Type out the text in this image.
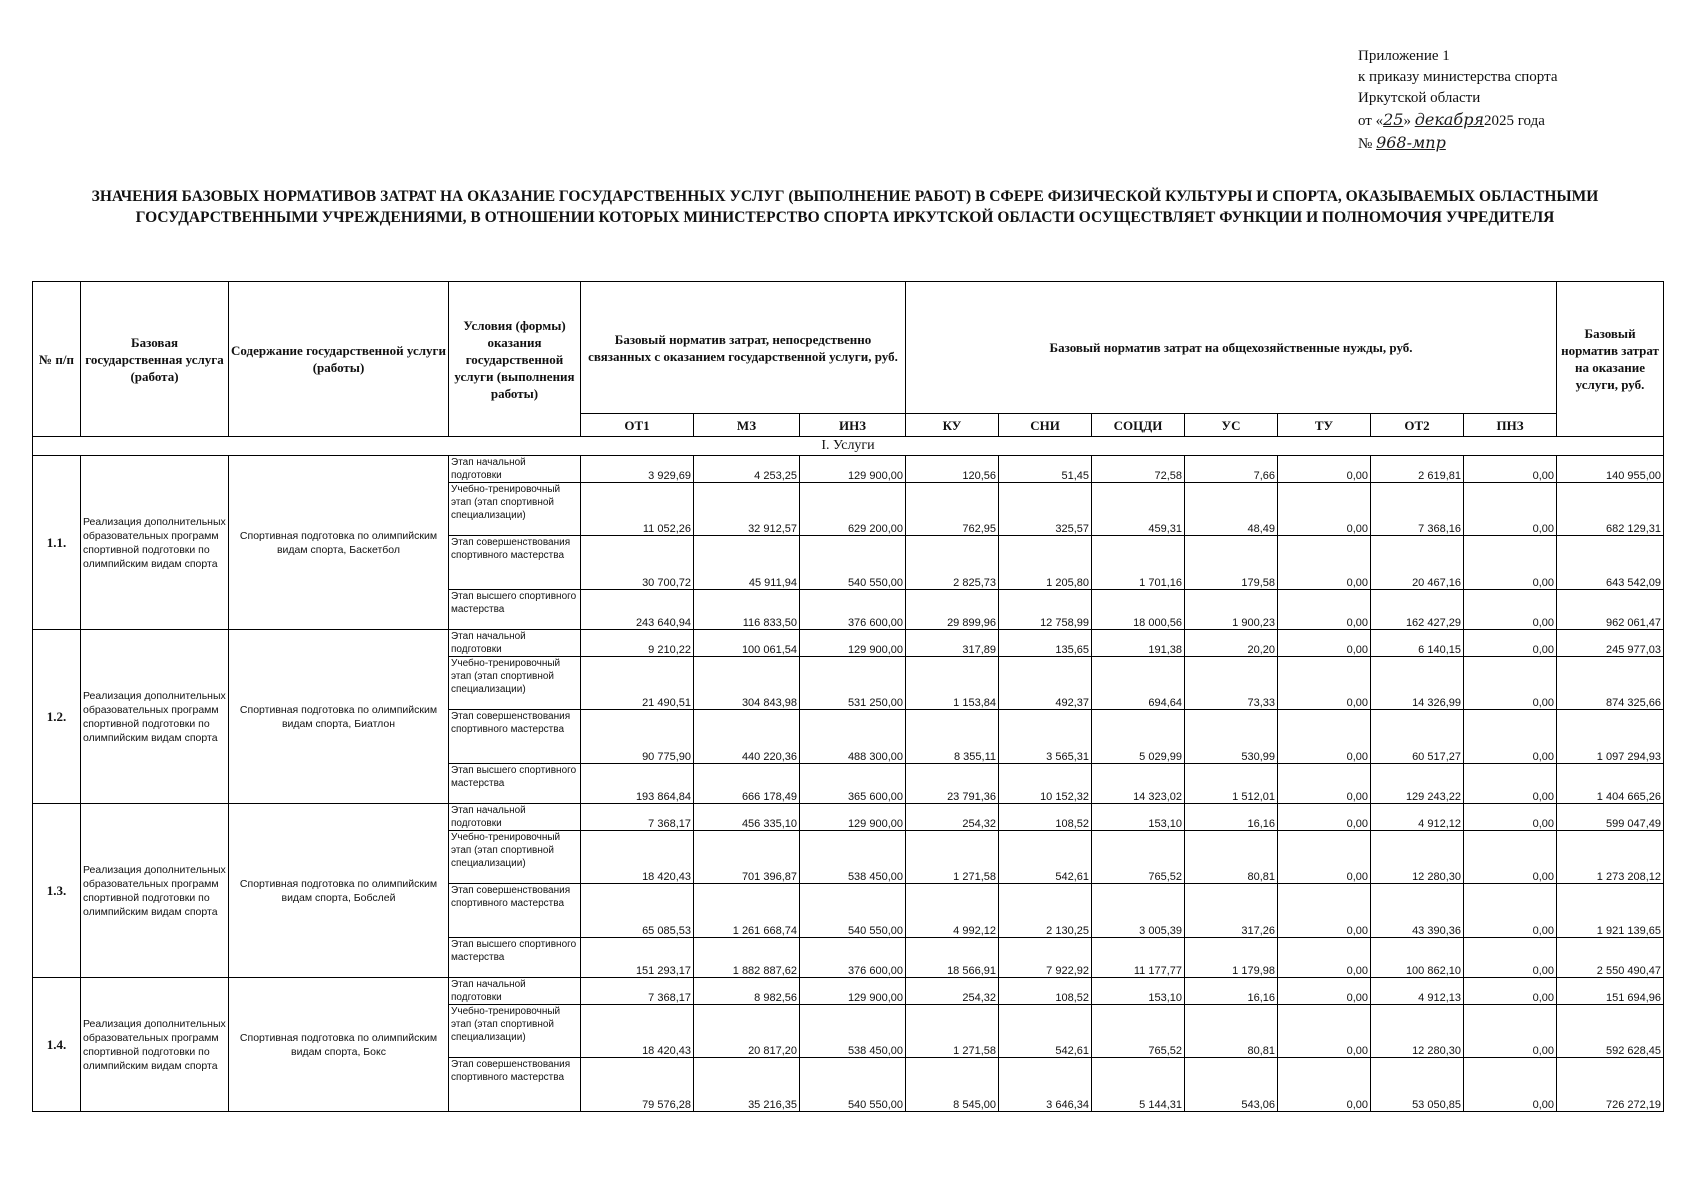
Приложение 1
к приказу министерства спорта
Иркутской области
от «25» декабря2025 года
№ 968-мпр
ЗНАЧЕНИЯ БАЗОВЫХ НОРМАТИВОВ ЗАТРАТ НА ОКАЗАНИЕ ГОСУДАРСТВЕННЫХ УСЛУГ (ВЫПОЛНЕНИЕ РАБОТ) В СФЕРЕ ФИЗИЧЕСКОЙ КУЛЬТУРЫ И СПОРТА, ОКАЗЫВАЕМЫХ ОБЛАСТНЫМИ ГОСУДАРСТВЕННЫМИ УЧРЕЖДЕНИЯМИ, В ОТНОШЕНИИ КОТОРЫХ МИНИСТЕРСТВО СПОРТА ИРКУТСКОЙ ОБЛАСТИ ОСУЩЕСТВЛЯЕТ ФУНКЦИИ И ПОЛНОМОЧИЯ УЧРЕДИТЕЛЯ
№ п/п	Базовая государственная услуга (работа)	Содержание государственной услуги (работы)	Условия (формы) оказания государственной услуги (выполнения работы)	Базовый норматив затрат, непосредственно связанных с оказанием государственной услуги, руб.			Базовый норматив затрат на общехозяйственные нужды, руб.							Базовый норматив затрат на оказание услуги, руб.
				ОТ1	МЗ	ИНЗ	КУ	СНИ	СОЦДИ	УС	ТУ	ОТ2	ПНЗ	
I. Услуги														
1.1.	Реализация дополнительных образовательных программ спортивной подготовки по олимпийским видам спорта	Спортивная подготовка по олимпийским видам спорта, Баскетбол	Этап начальной подготовки	3 929,69	4 253,25	129 900,00	120,56	51,45	72,58	7,66	0,00	2 619,81	0,00	140 955,00
			Учебно-тренировочный этап (этап спортивной специализации)	11 052,26	32 912,57	629 200,00	762,95	325,57	459,31	48,49	0,00	7 368,16	0,00	682 129,31
			Этап совершенствования спортивного мастерства	30 700,72	45 911,94	540 550,00	2 825,73	1 205,80	1 701,16	179,58	0,00	20 467,16	0,00	643 542,09
			Этап высшего спортивного мастерства	243 640,94	116 833,50	376 600,00	29 899,96	12 758,99	18 000,56	1 900,23	0,00	162 427,29	0,00	962 061,47
1.2.	Реализация дополнительных образовательных программ спортивной подготовки по олимпийским видам спорта	Спортивная подготовка по олимпийским видам спорта, Биатлон	Этап начальной подготовки	9 210,22	100 061,54	129 900,00	317,89	135,65	191,38	20,20	0,00	6 140,15	0,00	245 977,03
			Учебно-тренировочный этап (этап спортивной специализации)	21 490,51	304 843,98	531 250,00	1 153,84	492,37	694,64	73,33	0,00	14 326,99	0,00	874 325,66
			Этап совершенствования спортивного мастерства	90 775,90	440 220,36	488 300,00	8 355,11	3 565,31	5 029,99	530,99	0,00	60 517,27	0,00	1 097 294,93
			Этап высшего спортивного мастерства	193 864,84	666 178,49	365 600,00	23 791,36	10 152,32	14 323,02	1 512,01	0,00	129 243,22	0,00	1 404 665,26
1.3.	Реализация дополнительных образовательных программ спортивной подготовки по олимпийским видам спорта	Спортивная подготовка по олимпийским видам спорта, Бобслей	Этап начальной подготовки	7 368,17	456 335,10	129 900,00	254,32	108,52	153,10	16,16	0,00	4 912,12	0,00	599 047,49
			Учебно-тренировочный этап (этап спортивной специализации)	18 420,43	701 396,87	538 450,00	1 271,58	542,61	765,52	80,81	0,00	12 280,30	0,00	1 273 208,12
			Этап совершенствования спортивного мастерства	65 085,53	1 261 668,74	540 550,00	4 992,12	2 130,25	3 005,39	317,26	0,00	43 390,36	0,00	1 921 139,65
			Этап высшего спортивного мастерства	151 293,17	1 882 887,62	376 600,00	18 566,91	7 922,92	11 177,77	1 179,98	0,00	100 862,10	0,00	2 550 490,47
1.4.	Реализация дополнительных образовательных программ спортивной подготовки по олимпийским видам спорта	Спортивная подготовка по олимпийским видам спорта, Бокс	Этап начальной подготовки	7 368,17	8 982,56	129 900,00	254,32	108,52	153,10	16,16	0,00	4 912,13	0,00	151 694,96
			Учебно-тренировочный этап (этап спортивной специализации)	18 420,43	20 817,20	538 450,00	1 271,58	542,61	765,52	80,81	0,00	12 280,30	0,00	592 628,45
			Этап совершенствования спортивного мастерства	79 576,28	35 216,35	540 550,00	8 545,00	3 646,34	5 144,31	543,06	0,00	53 050,85	0,00	726 272,19
